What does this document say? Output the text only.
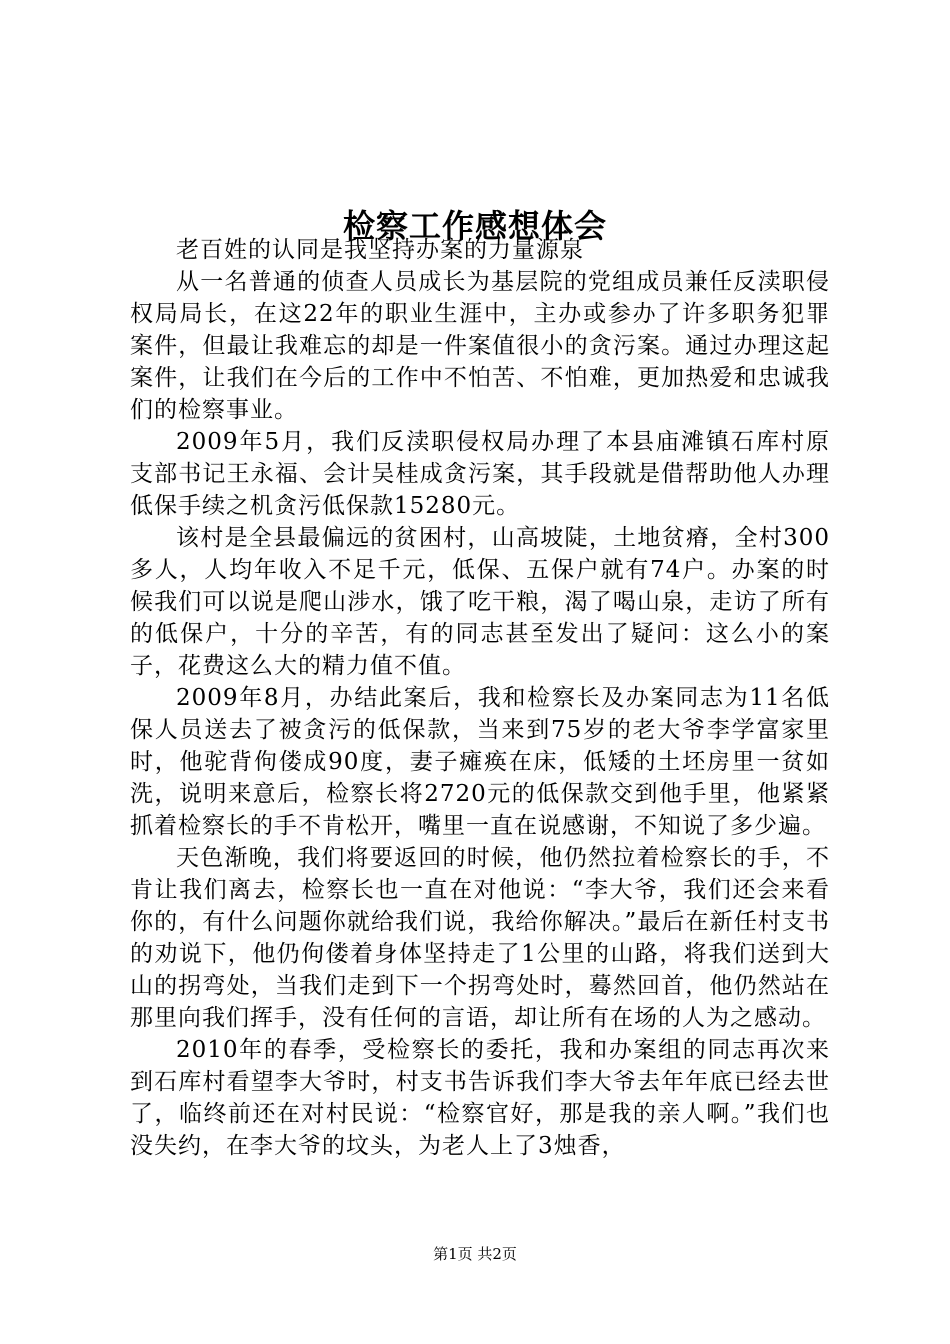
检察工作感想体会

老百姓的认同是我坚持办案的力量源泉

从一名普通的侦查人员成长为基层院的党组成员兼任反渎职侵权局局长，在这22年的职业生涯中，主办或参办了许多职务犯罪案件，但最让我难忘的却是一件案值很小的贪污案。通过办理这起案件，让我们在今后的工作中不怕苦、不怕难，更加热爱和忠诚我们的检察事业。

2009年5月，我们反渎职侵权局办理了本县庙滩镇石库村原支部书记王永福、会计吴桂成贪污案，其手段就是借帮助他人办理低保手续之机贪污低保款15280元。

该村是全县最偏远的贫困村，山高坡陡，土地贫瘠，全村300多人，人均年收入不足千元，低保、五保户就有74户。办案的时候我们可以说是爬山涉水，饿了吃干粮，渴了喝山泉，走访了所有的低保户，十分的辛苦，有的同志甚至发出了疑问：这么小的案子，花费这么大的精力值不值。

2009年8月，办结此案后，我和检察长及办案同志为11名低保人员送去了被贪污的低保款，当来到75岁的老大爷李学富家里时，他驼背佝偻成90度，妻子瘫痪在床，低矮的土坯房里一贫如洗，说明来意后，检察长将2720元的低保款交到他手里，他紧紧抓着检察长的手不肯松开，嘴里一直在说感谢，不知说了多少遍。

天色渐晚，我们将要返回的时候，他仍然拉着检察长的手，不肯让我们离去，检察长也一直在对他说：“李大爷，我们还会来看你的，有什么问题你就给我们说，我给你解决。”最后在新任村支书的劝说下，他仍佝偻着身体坚持走了1公里的山路，将我们送到大山的拐弯处，当我们走到下一个拐弯处时，蓦然回首，他仍然站在那里向我们挥手，没有任何的言语，却让所有在场的人为之感动。

2010年的春季，受检察长的委托，我和办案组的同志再次来到石库村看望李大爷时，村支书告诉我们李大爷去年年底已经去世了，临终前还在对村民说：“检察官好，那是我的亲人啊。”我们也没失约，在李大爷的坟头，为老人上了3烛香，

第1页 共2页
